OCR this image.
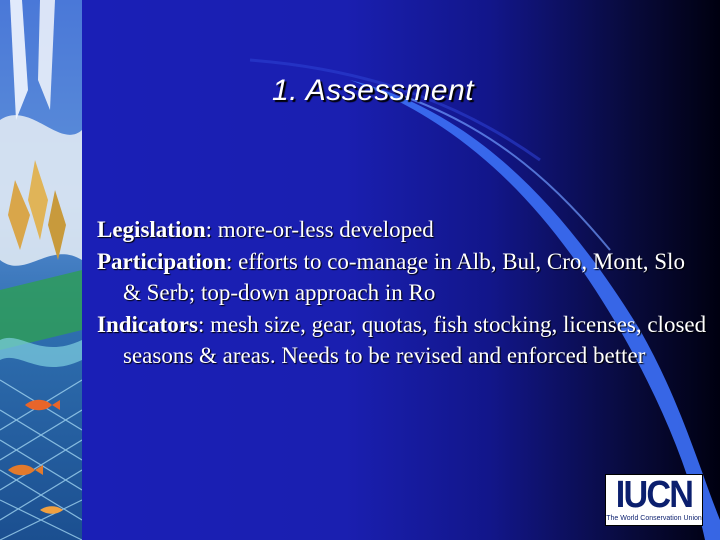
1. Assessment
Legislation: more-or-less developed
Participation: efforts to co-manage in Alb, Bul, Cro, Mont, Slo & Serb; top-down approach in Ro
Indicators: mesh size, gear, quotas, fish stocking, licenses, closed seasons & areas. Needs to be revised and enforced better
IUCN
The World Conservation Union
